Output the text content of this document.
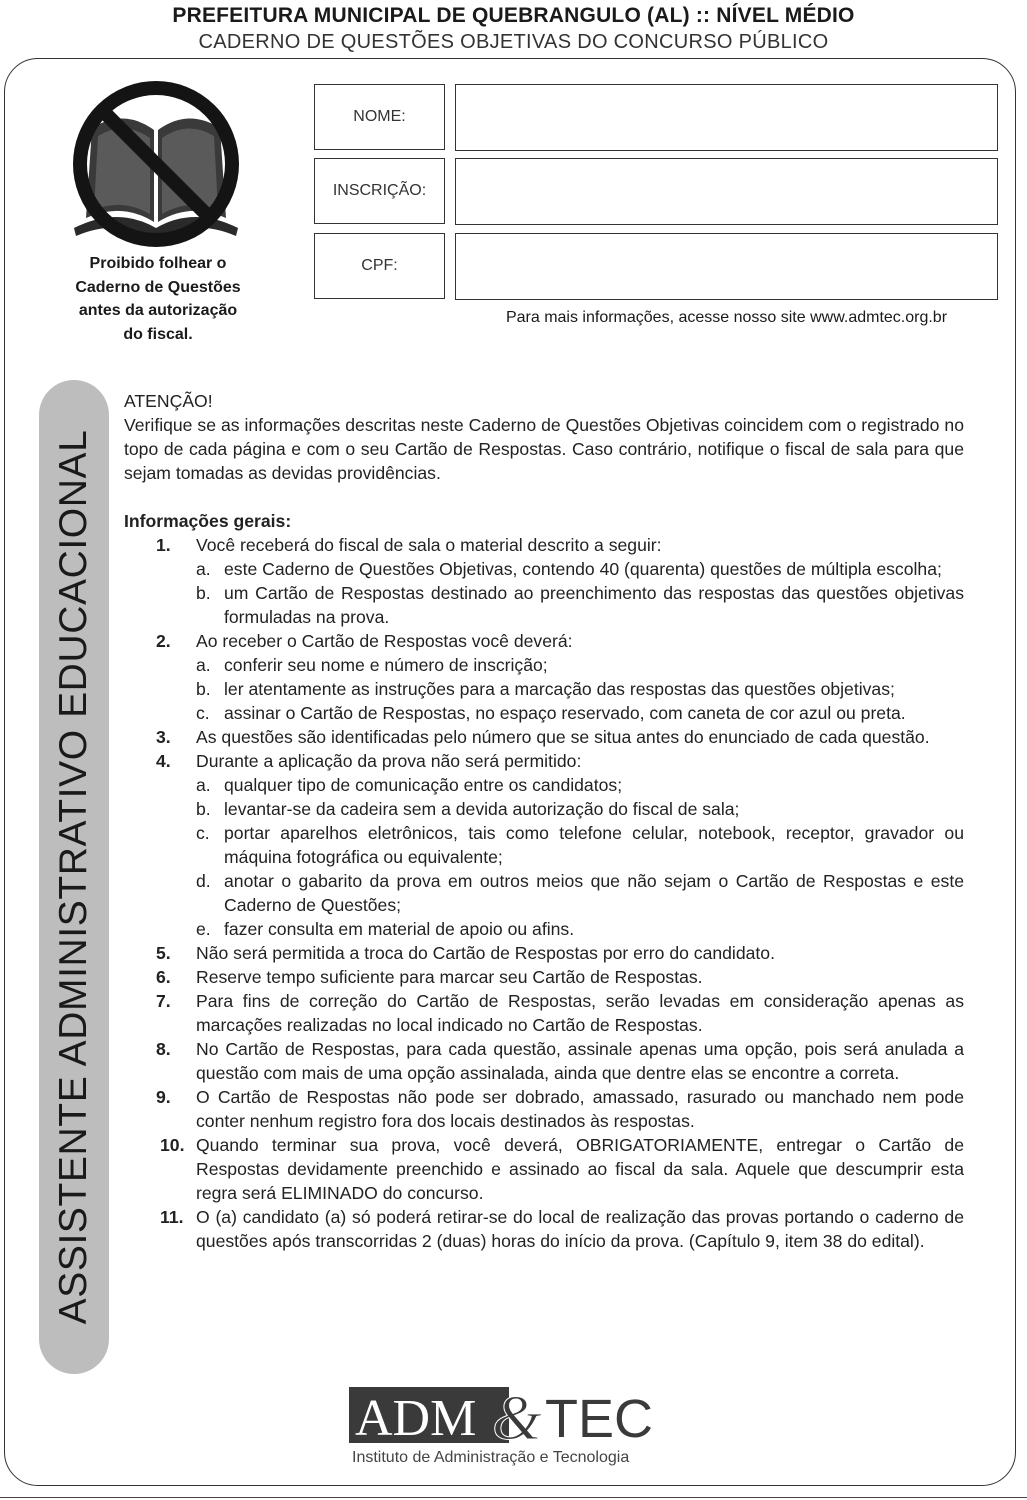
PREFEITURA MUNICIPAL DE QUEBRANGULO (AL) :: NÍVEL MÉDIO
CADERNO DE QUESTÕES OBJETIVAS DO CONCURSO PÚBLICO
Proibido folhear o
Caderno de Questões
antes da autorização
do fiscal.
NOME:
INSCRIÇÃO:
CPF:
Para mais informações, acesse nosso site www.admtec.org.br
ASSISTENTE ADMINISTRATIVO EDUCACIONAL

ATENÇÃO!

Verifique se as informações descritas neste Caderno de Questões Objetivas coincidem com o registrado no topo de cada página e com o seu Cartão de Respostas. Caso contrário, notifique o fiscal de sala para que sejam tomadas as devidas providências.

Informações gerais:

1. Você receberá do fiscal de sala o material descrito a seguir:
a. este Caderno de Questões Objetivas, contendo 40 (quarenta) questões de múltipla escolha;
b. um Cartão de Respostas destinado ao preenchimento das respostas das questões objetivas formuladas na prova.
2. Ao receber o Cartão de Respostas você deverá:
a. conferir seu nome e número de inscrição;
b. ler atentamente as instruções para a marcação das respostas das questões objetivas;
c. assinar o Cartão de Respostas, no espaço reservado, com caneta de cor azul ou preta.
3. As questões são identificadas pelo número que se situa antes do enunciado de cada questão.
4. Durante a aplicação da prova não será permitido:
a. qualquer tipo de comunicação entre os candidatos;
b. levantar-se da cadeira sem a devida autorização do fiscal de sala;
c. portar aparelhos eletrônicos, tais como telefone celular, notebook, receptor, gravador ou máquina fotográfica ou equivalente;
d. anotar o gabarito da prova em outros meios que não sejam o Cartão de Respostas e este Caderno de Questões;
e. fazer consulta em material de apoio ou afins.
5. Não será permitida a troca do Cartão de Respostas por erro do candidato.
6. Reserve tempo suficiente para marcar seu Cartão de Respostas.
7. Para fins de correção do Cartão de Respostas, serão levadas em consideração apenas as marcações realizadas no local indicado no Cartão de Respostas.
8. No Cartão de Respostas, para cada questão, assinale apenas uma opção, pois será anulada a questão com mais de uma opção assinalada, ainda que dentre elas se encontre a correta.
9. O Cartão de Respostas não pode ser dobrado, amassado, rasurado ou manchado nem pode conter nenhum registro fora dos locais destinados às respostas.
10. Quando terminar sua prova, você deverá, OBRIGATORIAMENTE, entregar o Cartão de Respostas devidamente preenchido e assinado ao fiscal da sala. Aquele que descumprir esta regra será ELIMINADO do concurso.
11. O (a) candidato (a) só poderá retirar-se do local de realização das provas portando o caderno de questões após transcorridas 2 (duas) horas do início da prova. (Capítulo 9, item 38 do edital).
ADM & TEC
Instituto de Administração e Tecnologia
